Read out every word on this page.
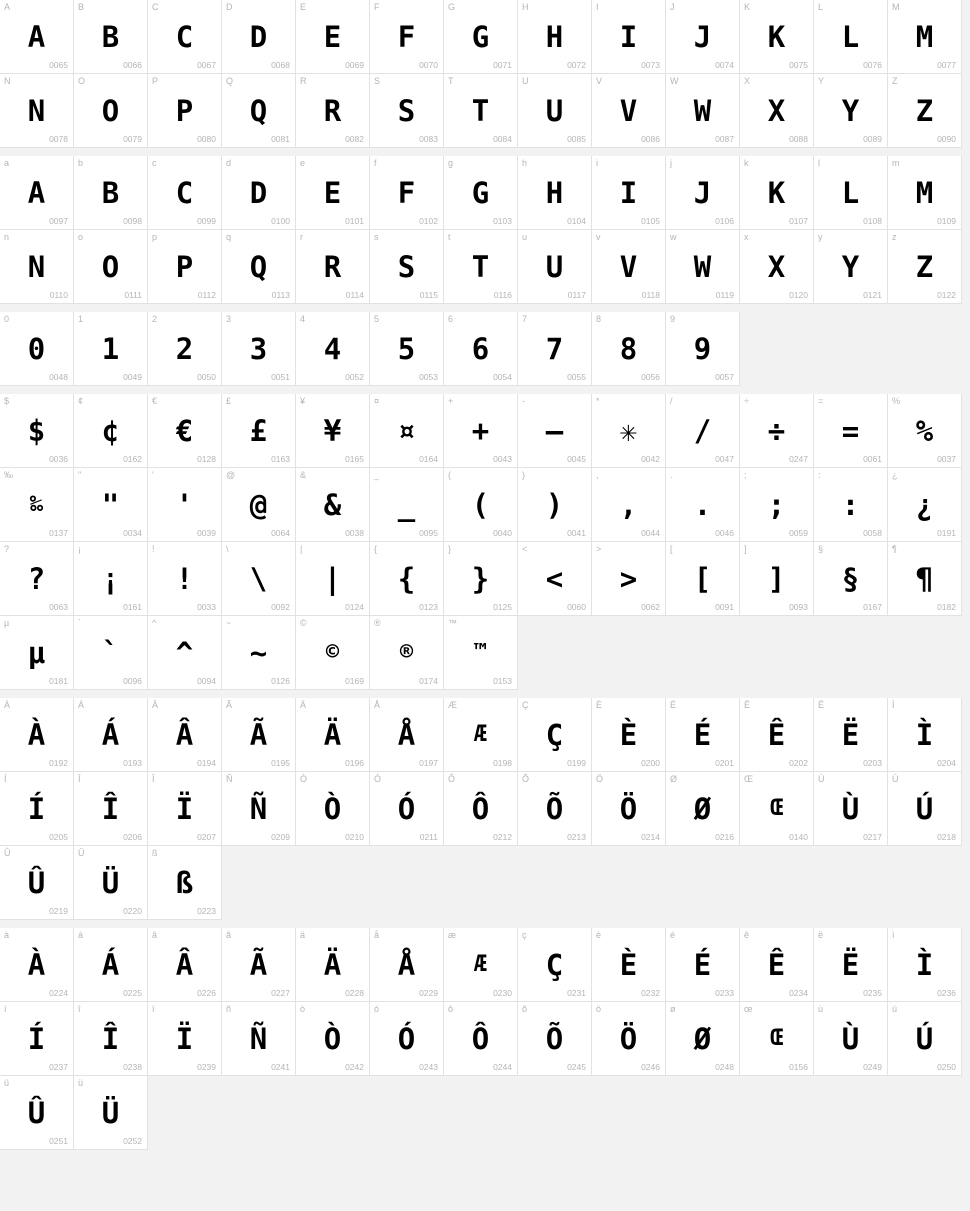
A
A
0065
B
B
0066
C
C
0067
D
D
0068
E
E
0069
F
F
0070
G
G
0071
H
H
0072
I
I
0073
J
J
0074
K
K
0075
L
L
0076
M
M
0077
N
N
0078
O
O
0079
P
P
0080
Q
Q
0081
R
R
0082
S
S
0083
T
T
0084
U
U
0085
V
V
0086
W
W
0087
X
X
0088
Y
Y
0089
Z
Z
0090
a
A
0097
b
B
0098
c
C
0099
d
D
0100
e
E
0101
f
F
0102
g
G
0103
h
H
0104
i
I
0105
j
J
0106
k
K
0107
l
L
0108
m
M
0109
n
N
0110
o
O
0111
p
P
0112
q
Q
0113
r
R
0114
s
S
0115
t
T
0116
u
U
0117
v
V
0118
w
W
0119
x
X
0120
y
Y
0121
z
Z
0122
0
0
0048
1
1
0049
2
2
0050
3
3
0051
4
4
0052
5
5
0053
6
6
0054
7
7
0055
8
8
0056
9
9
0057
$
$
0036
¢
¢
0162
€
€
0128
£
£
0163
¥
¥
0165
¤
¤
0164
+
+
0043
-
–
0045
*
✳
0042
/
/
0047
÷
÷
0247
=
=
0061
%
%
0037
‰
‰
0137
"
"
0034
'
'
0039
@
@
0064
&
&
0038
_
_
0095
(
(
0040
)
)
0041
,
,
0044
.
.
0046
;
;
0059
:
:
0058
¿
¿
0191
?
?
0063
¡
¡
0161
!
!
0033
\
\
0092
|
|
0124
{
{
0123
}
}
0125
<
<
0060
>
>
0062
[
[
0091
]
]
0093
§
§
0167
¶
¶
0182
µ
µ
0181
`
`
0096
^
^
0094
~
~
0126
©
©
0169
®
®
0174
™
™
0153
À
À
0192
Á
Á
0193
Â
Â
0194
Ã
Ã
0195
Ä
Ä
0196
Å
Å
0197
Æ
Æ
0198
Ç
Ç
0199
È
È
0200
É
É
0201
Ê
Ê
0202
Ë
Ë
0203
Ì
Ì
0204
Í
Í
0205
Î
Î
0206
Ï
Ï
0207
Ñ
Ñ
0209
Ò
Ò
0210
Ó
Ó
0211
Ô
Ô
0212
Õ
Õ
0213
Ö
Ö
0214
Ø
Ø
0216
Œ
Œ
0140
Ù
Ù
0217
Ú
Ú
0218
Û
Û
0219
Ü
Ü
0220
ß
ß
0223
à
À
0224
á
Á
0225
â
Â
0226
ã
Ã
0227
ä
Ä
0228
å
Å
0229
æ
Æ
0230
ç
Ç
0231
è
È
0232
é
É
0233
ê
Ê
0234
ë
Ë
0235
ì
Ì
0236
í
Í
0237
î
Î
0238
ï
Ï
0239
ñ
Ñ
0241
ò
Ò
0242
ó
Ó
0243
ô
Ô
0244
õ
Õ
0245
ö
Ö
0246
ø
Ø
0248
œ
Œ
0156
ù
Ù
0249
ú
Ú
0250
û
Û
0251
ü
Ü
0252
